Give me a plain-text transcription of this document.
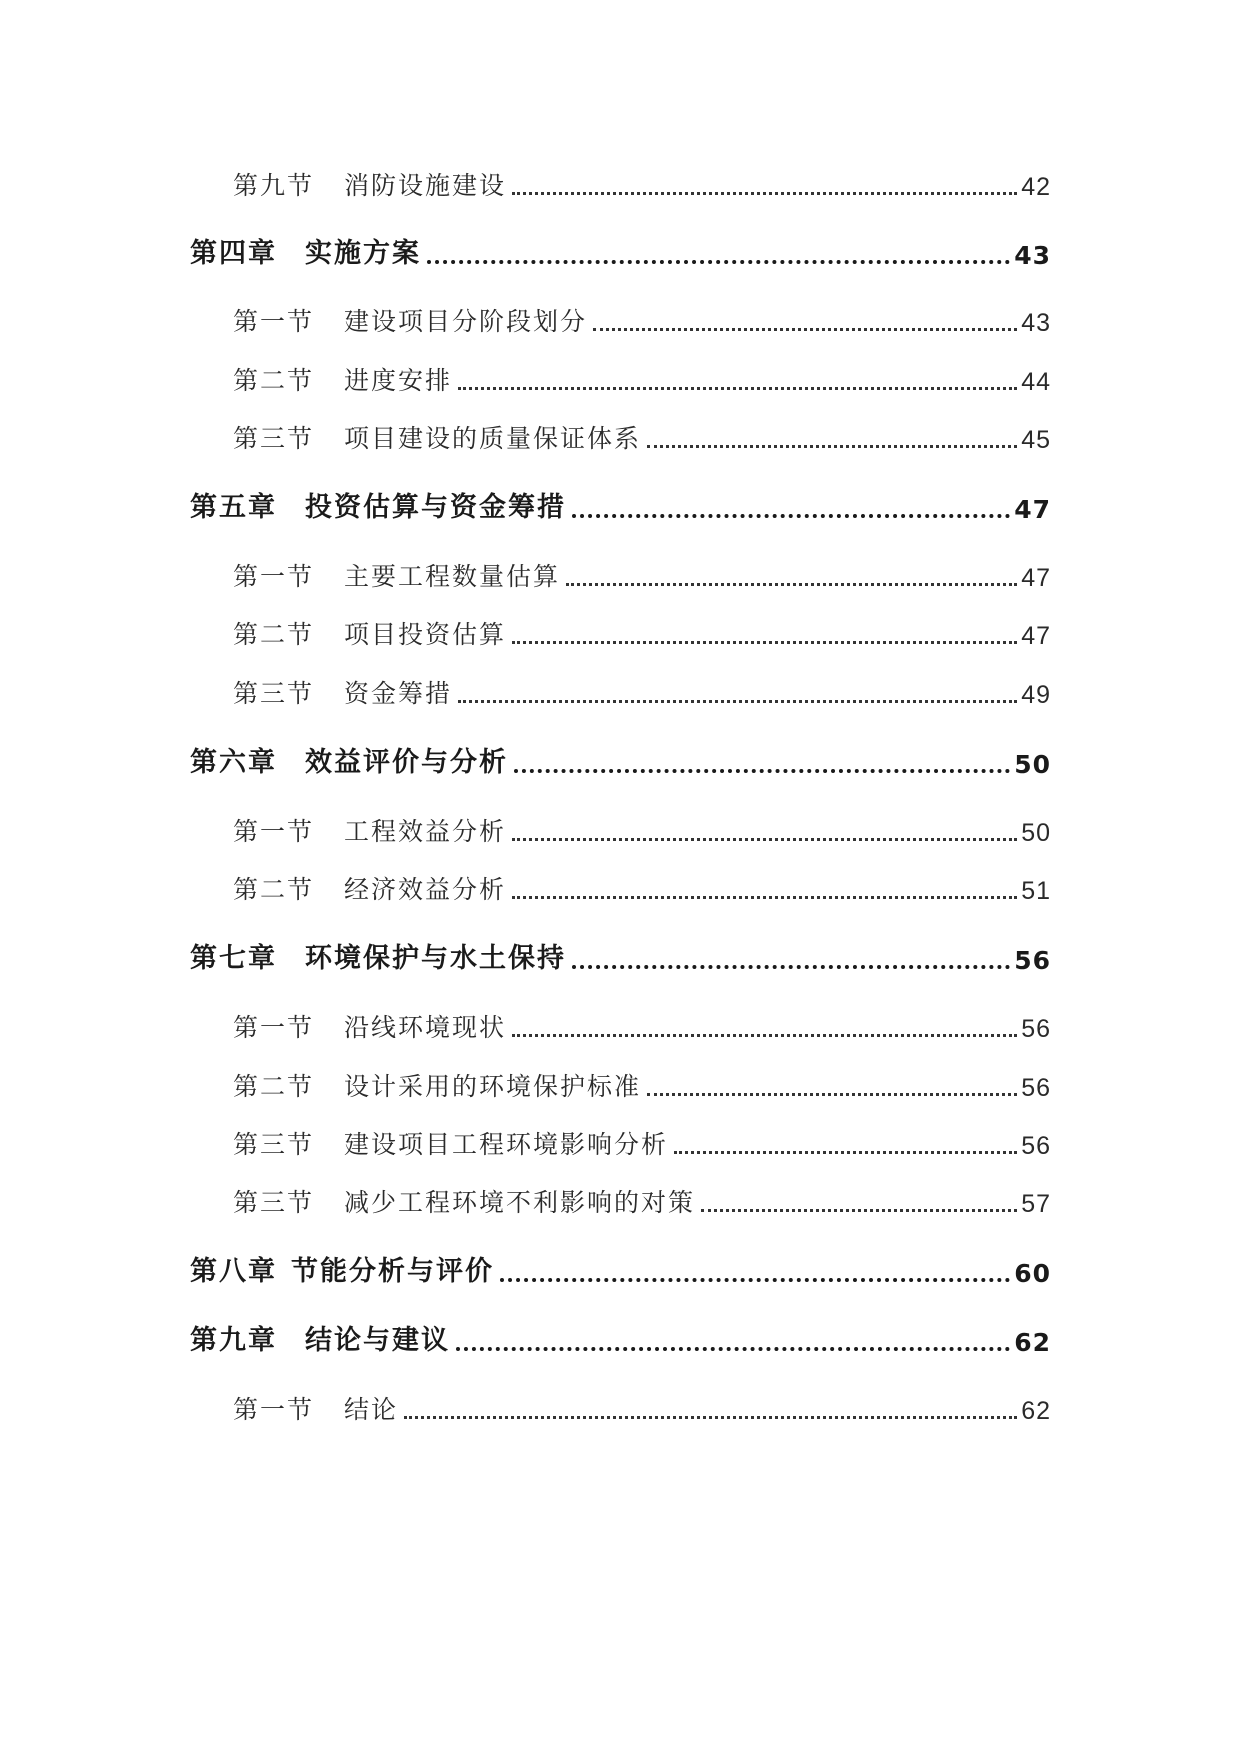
第九节 消防设施建设	42
第四章 实施方案	43
第一节 建设项目分阶段划分	43
第二节 进度安排	44
第三节 项目建设的质量保证体系	45
第五章 投资估算与资金筹措	47
第一节 主要工程数量估算	47
第二节 项目投资估算	47
第三节 资金筹措	49
第六章 效益评价与分析	50
第一节 工程效益分析	50
第二节 经济效益分析	51
第七章 环境保护与水土保持	56
第一节 沿线环境现状	56
第二节 设计采用的环境保护标准	56
第三节 建设项目工程环境影响分析	56
第三节 减少工程环境不利影响的对策	57
第八章 节能分析与评价	60
第九章 结论与建议	62
第一节 结论	62
